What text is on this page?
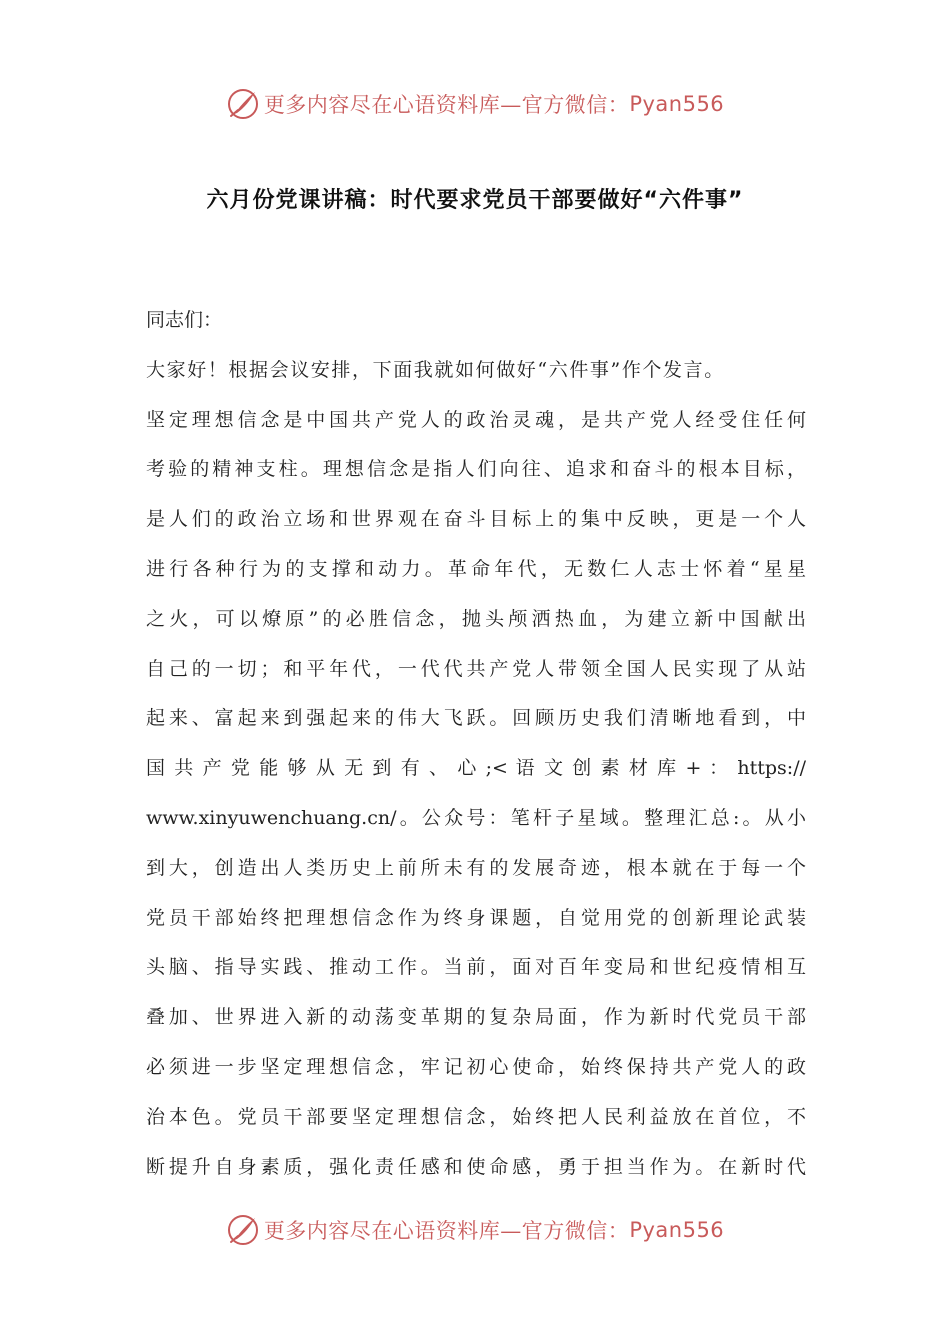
更多内容尽在心语资料库—官方微信： Pyan556
六月份党课讲稿：时代要求党员干部要做好“六件事”
同志们：
大家好！根据会议安排，下面我就如何做好“六件事”作个发言。
坚定理想信念是中国共产党人的政治灵魂，是共产党人经受住任何
考验的精神支柱。理想信念是指人们向往、追求和奋斗的根本目标，
是人们的政治立场和世界观在奋斗目标上的集中反映，更是一个人
进行各种行为的支撑和动力。革命年代，无数仁人志士怀着“星星
之火，可以燎原”的必胜信念，抛头颅洒热血，为建立新中国献出
自己的一切；和平年代，一代代共产党人带领全国人民实现了从站
起来、富起来到强起来的伟大飞跃。回顾历史我们清晰地看到，中
国 共 产 党 能 够 从 无 到 有 、 心 ;< 语 文 创 素 材 库 + ： https://
www.xinyuwenchuang.cn/。公众号：笔杆子星域。整理汇总:。从小
到大，创造出人类历史上前所未有的发展奇迹，根本就在于每一个
党员干部始终把理想信念作为终身课题，自觉用党的创新理论武装
头脑、指导实践、推动工作。当前，面对百年变局和世纪疫情相互
叠加、世界进入新的动荡变革期的复杂局面，作为新时代党员干部
必须进一步坚定理想信念，牢记初心使命，始终保持共产党人的政
治本色。党员干部要坚定理想信念，始终把人民利益放在首位，不
断提升自身素质，强化责任感和使命感，勇于担当作为。在新时代
更多内容尽在心语资料库—官方微信： Pyan556
